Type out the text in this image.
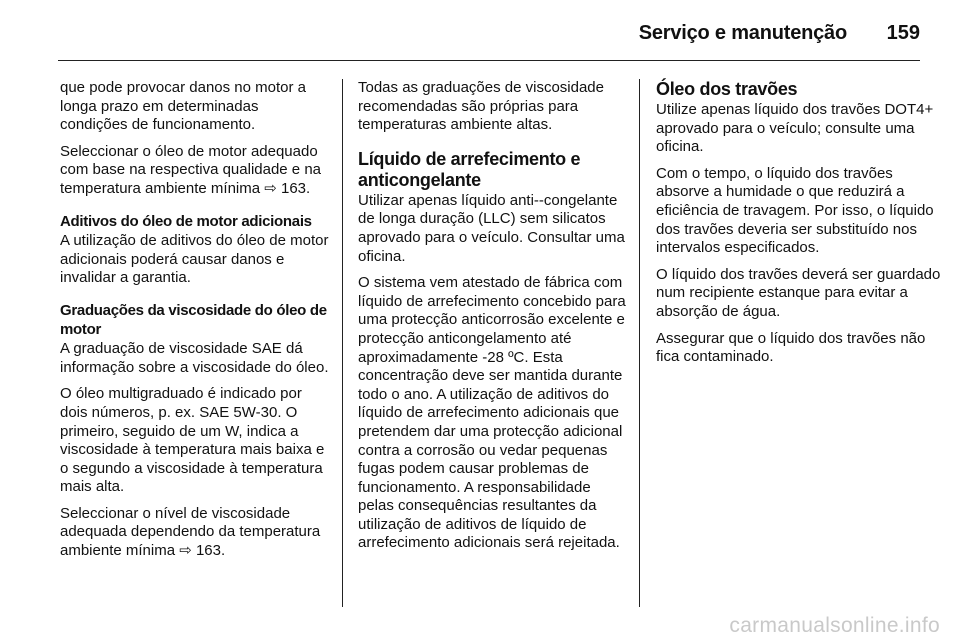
Serviço e manutenção 159

que pode provocar danos no motor a longa prazo em determinadas condições de funcionamento.

Seleccionar o óleo de motor adequado com base na respectiva qualidade e na temperatura ambiente mínima ⇨ 163.

Aditivos do óleo de motor adicionais

A utilização de aditivos do óleo de motor adicionais poderá causar danos e invalidar a garantia.

Graduações da viscosidade do óleo de motor

A graduação de viscosidade SAE dá informação sobre a viscosidade do óleo.

O óleo multigraduado é indicado por dois números, p. ex. SAE 5W-30. O primeiro, seguido de um W, indica a viscosidade à temperatura mais baixa e o segundo a viscosidade à temperatura mais alta.

Seleccionar o nível de viscosidade adequada dependendo da temperatura ambiente mínima ⇨ 163.

Todas as graduações de viscosidade recomendadas são próprias para temperaturas ambiente altas.

Líquido de arrefecimento e anticongelante

Utilizar apenas líquido anti--congelante de longa duração (LLC) sem silicatos aprovado para o veículo. Consultar uma oficina.

O sistema vem atestado de fábrica com líquido de arrefecimento concebido para uma protecção anticorrosão excelente e protecção anticongelamento até aproximadamente -28 ºC. Esta concentração deve ser mantida durante todo o ano. A utilização de aditivos do líquido de arrefecimento adicionais que pretendem dar uma protecção adicional contra a corrosão ou vedar pequenas fugas podem causar problemas de funcionamento. A responsabilidade pelas consequências resultantes da utilização de aditivos de líquido de arrefecimento adicionais será rejeitada.

Óleo dos travões

Utilize apenas líquido dos travões DOT4+ aprovado para o veículo; consulte uma oficina.

Com o tempo, o líquido dos travões absorve a humidade o que reduzirá a eficiência de travagem. Por isso, o líquido dos travões deveria ser substituído nos intervalos especificados.

O líquido dos travões deverá ser guardado num recipiente estanque para evitar a absorção de água.

Assegurar que o líquido dos travões não fica contaminado.

carmanualsonline.info
